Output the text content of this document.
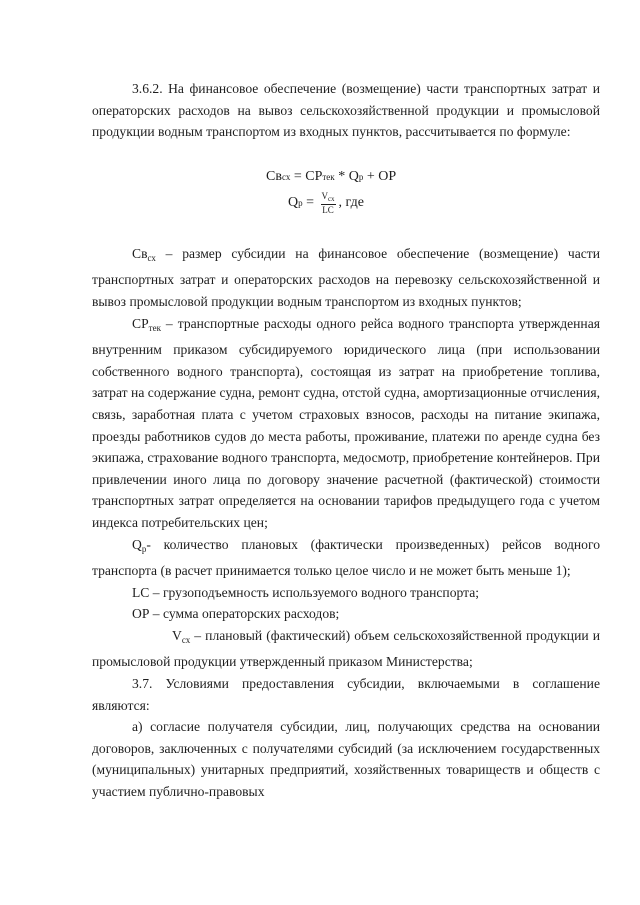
3.6.2. На финансовое обеспечение (возмещение) части транспортных затрат и операторских расходов на вывоз сельскохозяйственной продукции и промысловой продукции водным транспортом из входных пунктов, рассчитывается по формуле:

Св сх = СР тек * Q р + ОР
Q $р = \frac{V_{сх}}{LC}$ , где

$Св_{сх}$ – размер субсидии на финансовое обеспечение (возмещение) части транспортных затрат и операторских расходов на перевозку сельскохозяйственной и вывоз промысловой продукции водным транспортом из входных пунктов;

$СР_{тек}$ – транспортные расходы одного рейса водного транспорта утвержденная внутренним приказом субсидируемого юридического лица (при использовании собственного водного транспорта), состоящая из затрат на приобретение топлива, затрат на содержание судна, ремонт судна, отстой судна, амортизационные отчисления, связь, заработная плата с учетом страховых взносов, расходы на питание экипажа, проезды работников судов до места работы, проживание, платежи по аренде судна без экипажа, страхование водного транспорта, медосмотр, приобретение контейнеров. При привлечении иного лица по договору значение расчетной (фактической) стоимости транспортных затрат определяется на основании тарифов предыдущего года с учетом индекса потребительских цен;

$Q_р-$ количество плановых (фактически произведенных) рейсов водного транспорта (в расчет принимается только целое число и не может быть меньше 1);

LC – грузоподъемность используемого водного транспорта;

ОР – сумма операторских расходов;

$V_{сх}$ – плановый (фактический) объем сельскохозяйственной продукции и промысловой продукции утвержденный приказом Министерства;

3.7. Условиями предоставления субсидии, включаемыми в соглашение являются:

а) согласие получателя субсидии, лиц, получающих средства на основании договоров, заключенных с получателями субсидий (за исключением государственных (муниципальных) унитарных предприятий, хозяйственных товариществ и обществ с участием публично-правовых
